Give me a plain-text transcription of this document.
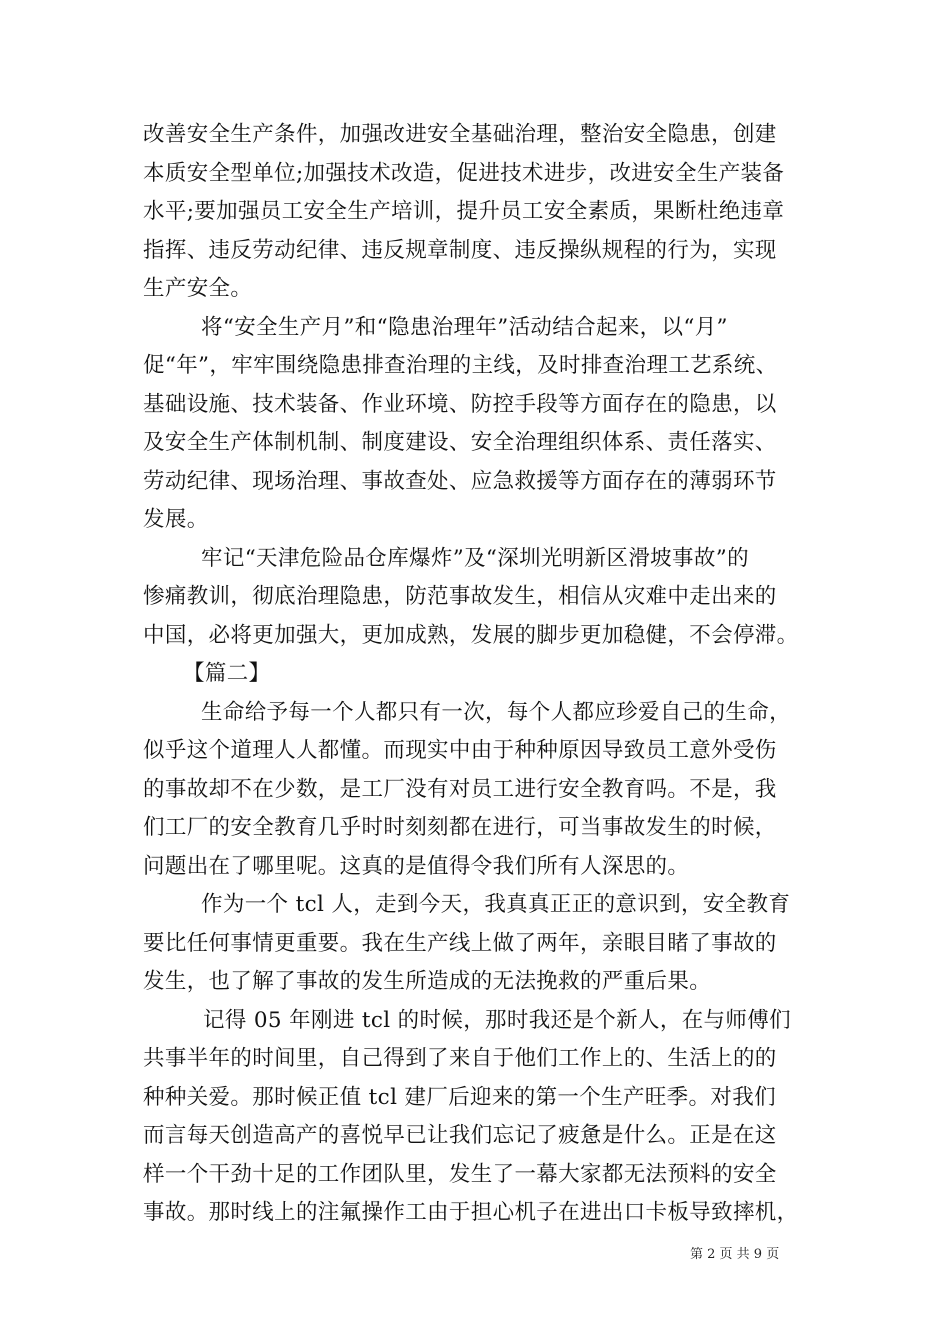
改善安全生产条件，加强改进安全基础治理，整治安全隐患，创建
本质安全型单位;加强技术改造，促进技术进步，改进安全生产装备
水平;要加强员工安全生产培训，提升员工安全素质，果断杜绝违章
指挥、违反劳动纪律、违反规章制度、违反操纵规程的行为，实现
生产安全。
将“安全生产月”和“隐患治理年”活动结合起来，以“月”
促“年”，牢牢围绕隐患排查治理的主线，及时排查治理工艺系统、
基础设施、技术装备、作业环境、防控手段等方面存在的隐患，以
及安全生产体制机制、制度建设、安全治理组织体系、责任落实、
劳动纪律、现场治理、事故查处、应急救援等方面存在的薄弱环节
发展。
牢记“天津危险品仓库爆炸”及“深圳光明新区滑坡事故”的
惨痛教训，彻底治理隐患，防范事故发生，相信从灾难中走出来的
中国，必将更加强大，更加成熟，发展的脚步更加稳健，不会停滞。
【篇二】
生命给予每一个人都只有一次，每个人都应珍爱自己的生命，
似乎这个道理人人都懂。而现实中由于种种原因导致员工意外受伤
的事故却不在少数，是工厂没有对员工进行安全教育吗。不是，我
们工厂的安全教育几乎时时刻刻都在进行，可当事故发生的时候，
问题出在了哪里呢。这真的是值得令我们所有人深思的。
作为一个 tcl 人，走到今天，我真真正正的意识到，安全教育
要比任何事情更重要。我在生产线上做了两年，亲眼目睹了事故的
发生，也了解了事故的发生所造成的无法挽救的严重后果。
记得 05 年刚进 tcl 的时候，那时我还是个新人，在与师傅们
共事半年的时间里，自己得到了来自于他们工作上的、生活上的的
种种关爱。那时候正值 tcl 建厂后迎来的第一个生产旺季。对我们
而言每天创造高产的喜悦早已让我们忘记了疲惫是什么。正是在这
样一个干劲十足的工作团队里，发生了一幕大家都无法预料的安全
事故。那时线上的注氟操作工由于担心机子在进出口卡板导致摔机，
第 2 页 共 9 页
